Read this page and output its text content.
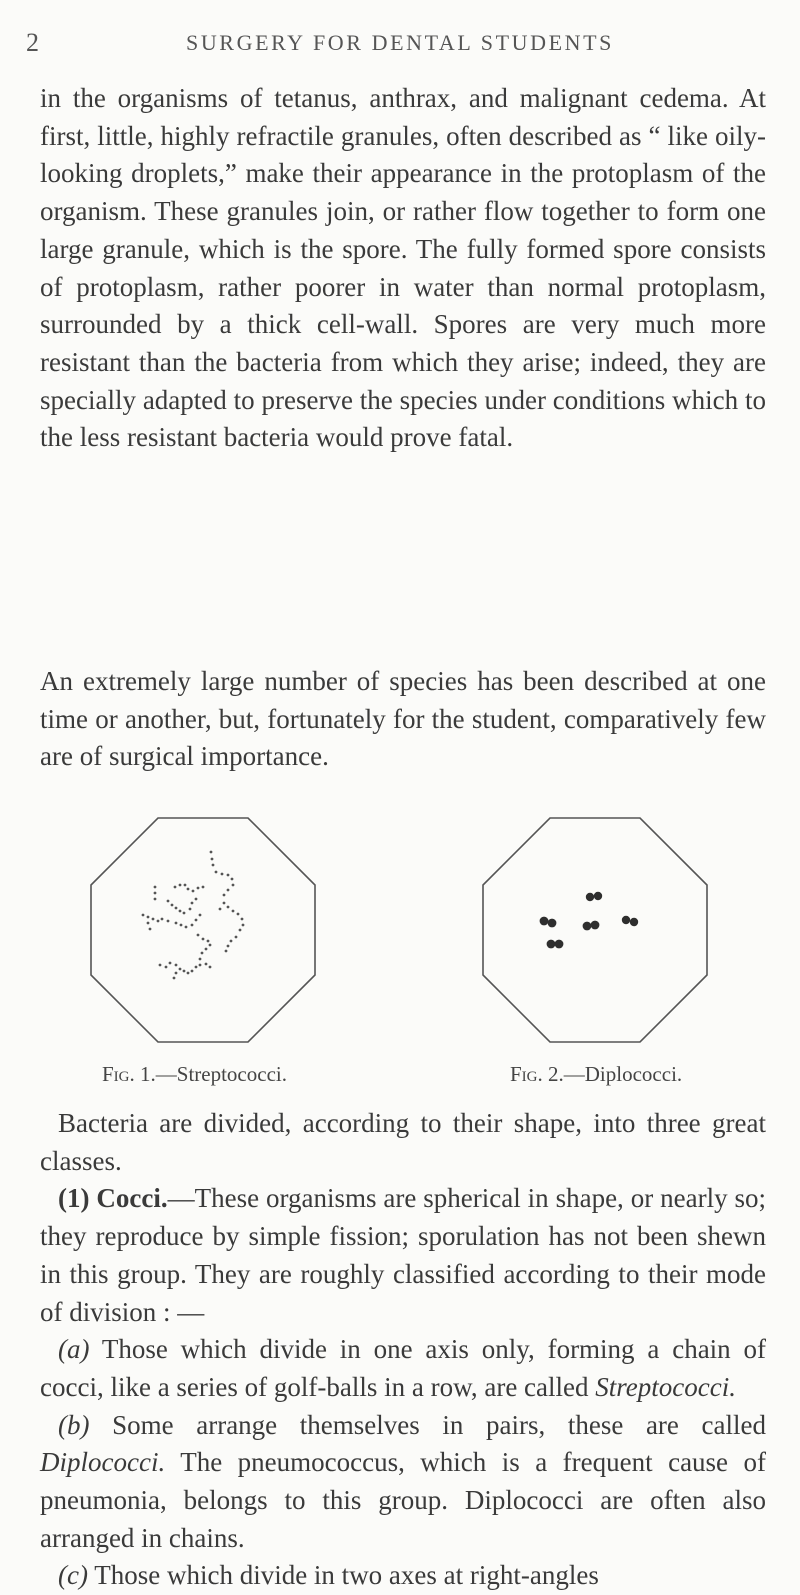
2	SURGERY FOR DENTAL STUDENTS

in the organisms of tetanus, anthrax, and malignant cedema. At first, little, highly refractile granules, often described as “ like oily-looking droplets,” make their appearance in the protoplasm of the organism. These granules join, or rather flow together to form one large granule, which is the spore. The fully formed spore consists of protoplasm, rather poorer in water than normal protoplasm, surrounded by a thick cell-wall. Spores are very much more resistant than the bacteria from which they arise; indeed, they are specially adapted to preserve the species under conditions which to the less resistant bacteria would prove fatal.

An extremely large number of species has been described at one time or another, but, fortunately for the student, comparatively few are of surgical importance.

Fig. 1.—Streptococci.	Fig. 2.—Diplococci.

Bacteria are divided, according to their shape, into three great classes.

(1) Cocci.—These organisms are spherical in shape, or nearly so; they reproduce by simple fission; sporulation has not been shewn in this group. They are roughly classified according to their mode of division : —

(a) Those which divide in one axis only, forming a chain of cocci, like a series of golf-balls in a row, are called Streptococci.

(b) Some arrange themselves in pairs, these are called Diplococci. The pneumococcus, which is a frequent cause of pneumonia, belongs to this group. Diplococci are often also arranged in chains.

(c) Those which divide in two axes at right-angles
